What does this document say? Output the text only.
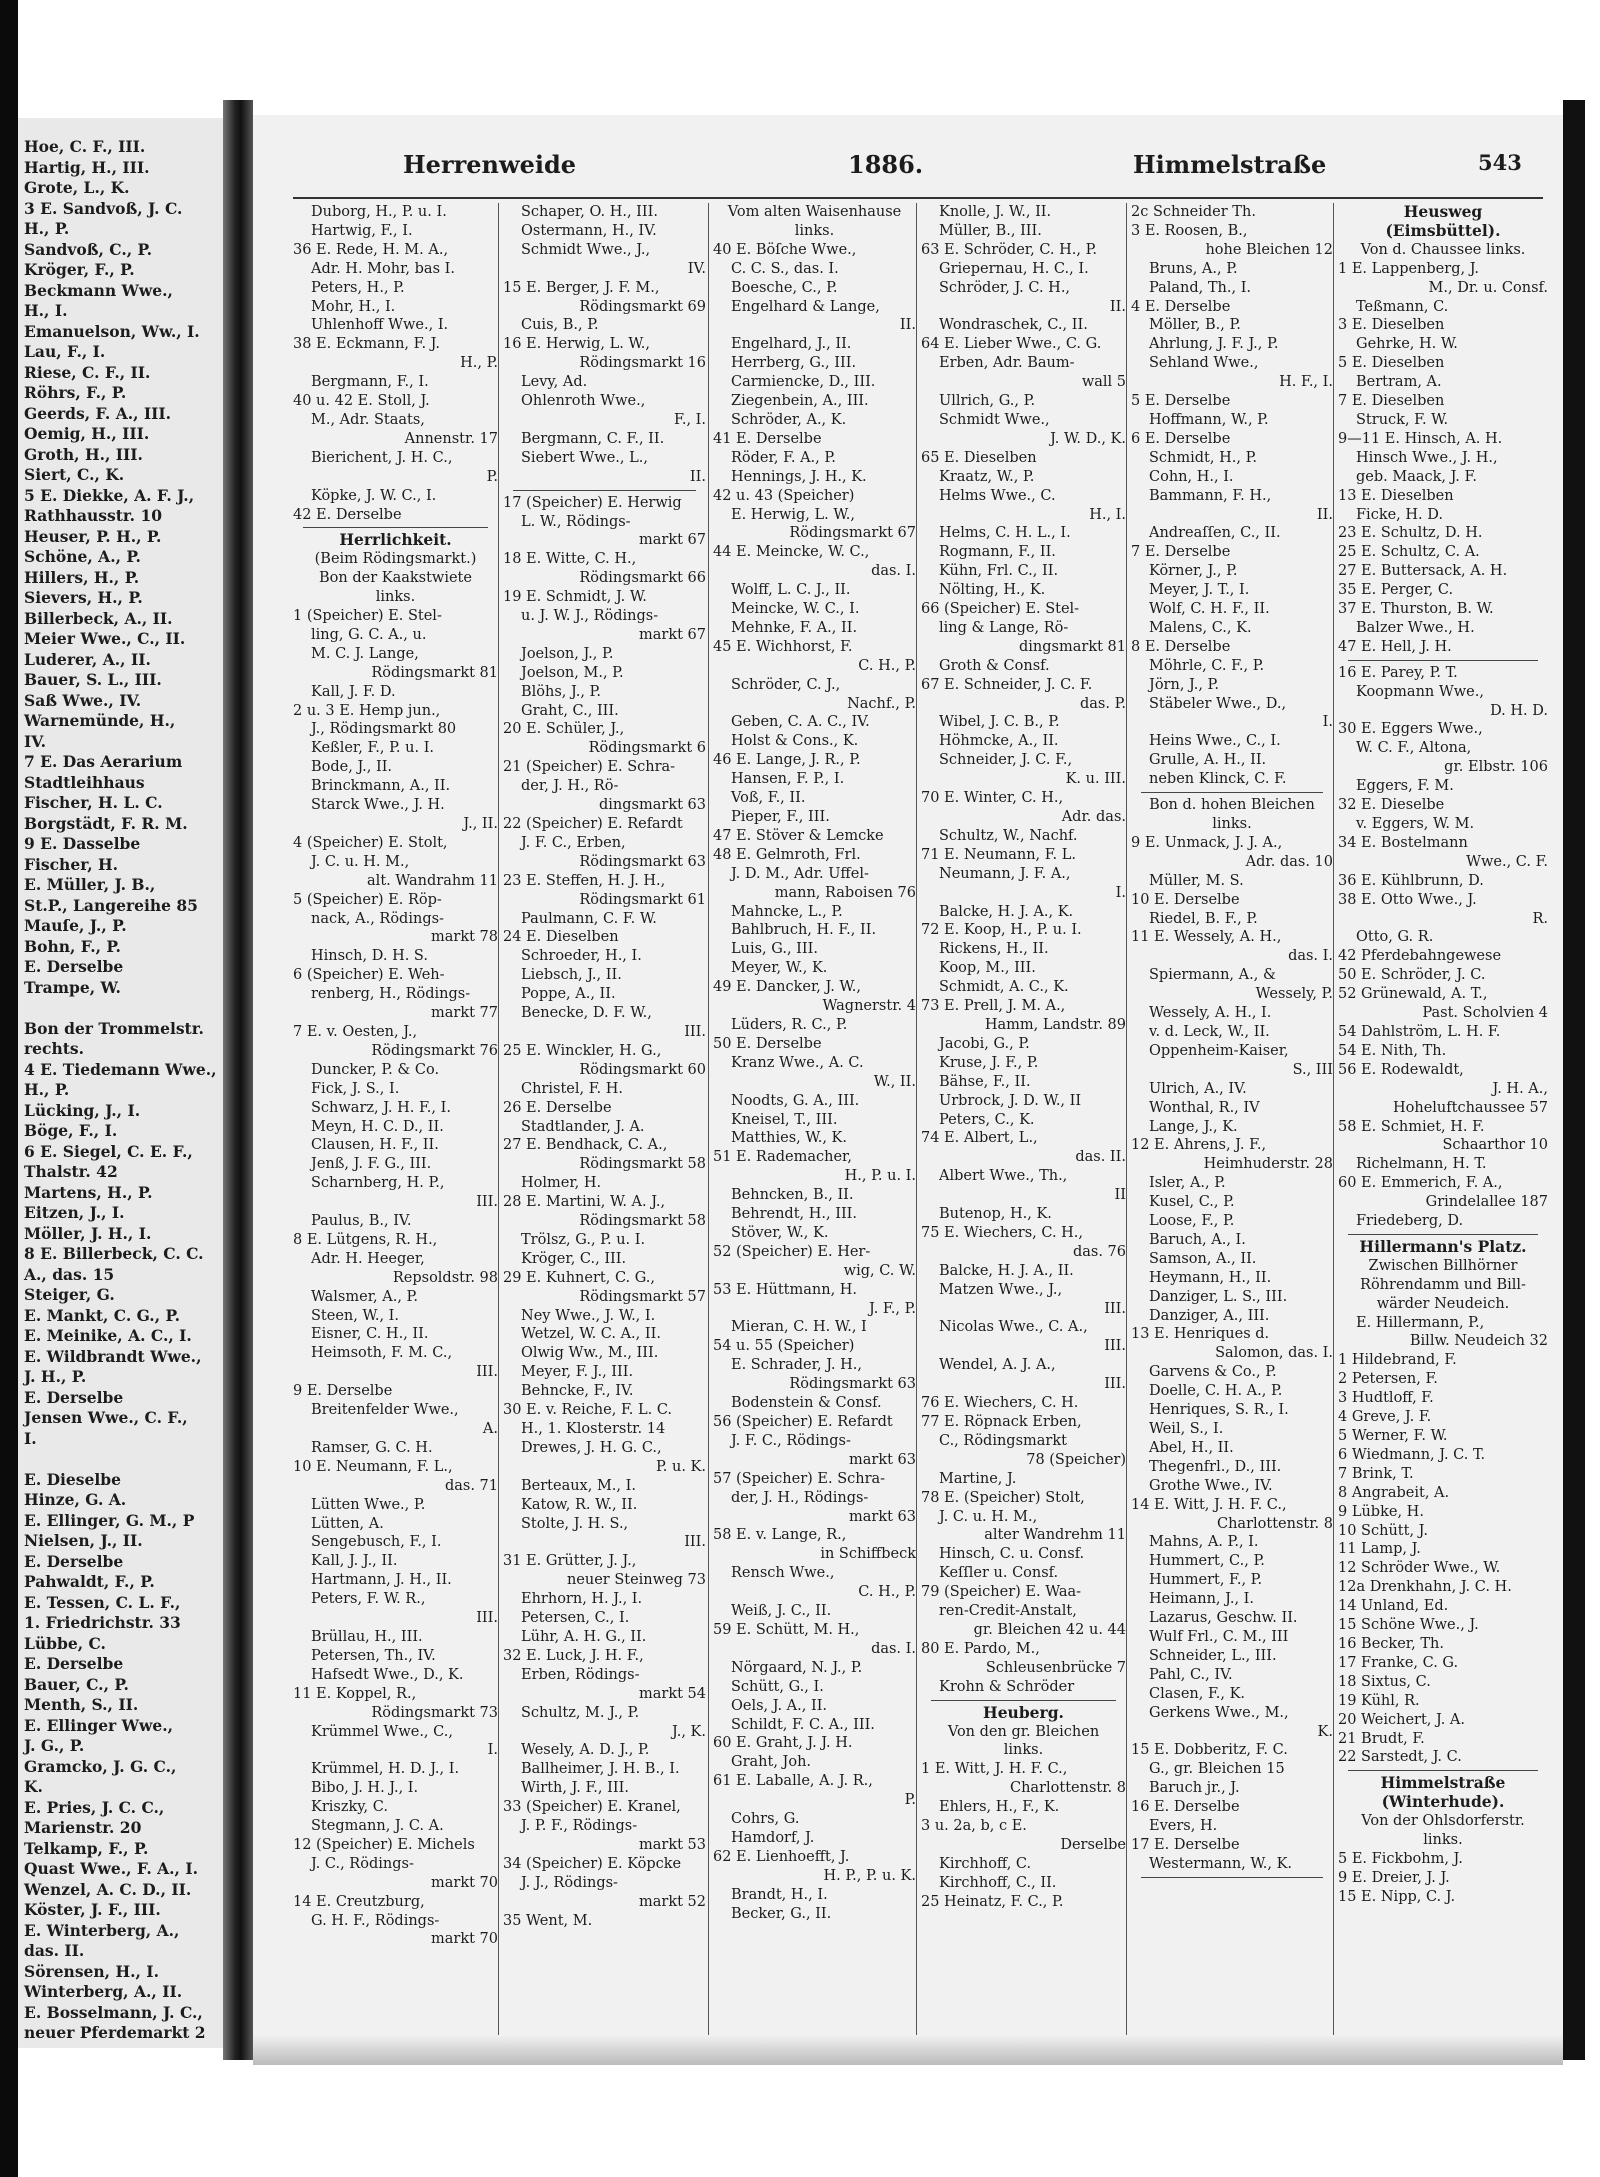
Hoe, C. F., III.
Hartig, H., III.
Grote, L., K.
3 E. Sandvoß, J. C.
H., P.
Sandvoß, C., P.
Kröger, F., P.
Beckmann Wwe.,
H., I.
Emanuelson, Ww., I.
Lau, F., I.
Riese, C. F., II.
Röhrs, F., P.
Geerds, F. A., III.
Oemig, H., III.
Groth, H., III.
Siert, C., K.
5 E. Diekke, A. F. J.,
Rathhausstr. 10
Heuser, P. H., P.
Schöne, A., P.
Hillers, H., P.
Sievers, H., P.
Billerbeck, A., II.
Meier Wwe., C., II.
Luderer, A., II.
Bauer, S. L., III.
Saß Wwe., IV.
Warnemünde, H.,
IV.
7 E. Das Aerarium
Stadtleihhaus
Fischer, H. L. C.
Borgstädt, F. R. M.
9 E. Dasselbe
Fischer, H.
E. Müller, J. B.,
St.P., Langereihe 85
Mauſe, J., P.
Bohn, F., P.
E. Derselbe
Trampe, W.
Bon der Trommelstr.
rechts.
4 E. Tiedemann Wwe.,
H., P.
Lücking, J., I.
Böge, F., I.
6 E. Siegel, C. E. F.,
Thalstr. 42
Martens, H., P.
Eitzen, J., I.
Möller, J. H., I.
8 E. Billerbeck, C. C.
A., das. 15
Steiger, G.
E. Mankt, C. G., P.
E. Meinike, A. C., I.
E. Wildbrandt Wwe.,
J. H., P.
E. Derselbe
Jensen Wwe., C. F.,
I.
E. Dieselbe
Hinze, G. A.
E. Ellinger, G. M., P
Nielsen, J., II.
E. Derselbe
Pahwaldt, F., P.
E. Tessen, C. L. F.,
1. Friedrichstr. 33
Lübbe, C.
E. Derselbe
Bauer, C., P.
Menth, S., II.
E. Ellinger Wwe.,
J. G., P.
Gramcko, J. G. C.,
K.
E. Pries, J. C. C.,
Marienstr. 20
Telkamp, F., P.
Quast Wwe., F. A., I.
Wenzel, A. C. D., II.
Köster, J. F., III.
E. Winterberg, A.,
das. II.
Sörensen, H., I.
Winterberg, A., II.
E. Bosselmann, J. C.,
neuer Pferdemarkt 2
Herrenweide	1886.	Himmelstraße	543
Duborg, H., P. u. I.
Hartwig, F., I.
36 E. Rede, H. M. A.,
Adr. H. Mohr, bas I.
Peters, H., P.
Mohr, H., I.
Uhlenhoff Wwe., I.
38 E. Eckmann, F. J.
H., P.
Bergmann, F., I.
40 u. 42 E. Stoll, J.
M., Adr. Staats,
Annenstr. 17
Bierichent, J. H. C.,
P.
Köpke, J. W. C., I.
42 E. Derselbe
Herrlichkeit.
(Beim Rödingsmarkt.)
Bon der Kaakstwiete
links.
1 (Speicher) E. Stel-
ling, G. C. A., u.
M. C. J. Lange,
Rödingsmarkt 81
Kall, J. F. D.
2 u. 3 E. Hemp jun.,
J., Rödingsmarkt 80
Keßler, F., P. u. I.
Bode, J., II.
Brinckmann, A., II.
Starck Wwe., J. H.
J., II.
4 (Speicher) E. Stolt,
J. C. u. H. M.,
alt. Wandrahm 11
5 (Speicher) E. Röp-
nack, A., Rödings-
markt 78
Hinsch, D. H. S.
6 (Speicher) E. Weh-
renberg, H., Rödings-
markt 77
7 E. v. Oesten, J.,
Rödingsmarkt 76
Duncker, P. & Co.
Fick, J. S., I.
Schwarz, J. H. F., I.
Meyn, H. C. D., II.
Clausen, H. F., II.
Jenß, J. F. G., III.
Scharnberg, H. P.,
III.
Paulus, B., IV.
8 E. Lütgens, R. H.,
Adr. H. Heeger,
Repsoldstr. 98
Walsmer, A., P.
Steen, W., I.
Eisner, C. H., II.
Heimsoth, F. M. C.,
III.
9 E. Derselbe
Breitenfelder Wwe.,
A.
Ramser, G. C. H.
10 E. Neumann, F. L.,
das. 71
Lütten Wwe., P.
Lütten, A.
Sengebusch, F., I.
Kall, J. J., II.
Hartmann, J. H., II.
Peters, F. W. R.,
III.
Brüllau, H., III.
Petersen, Th., IV.
Hafsedt Wwe., D., K.
11 E. Koppel, R.,
Rödingsmarkt 73
Krümmel Wwe., C.,
I.
Krümmel, H. D. J., I.
Bibo, J. H. J., I.
Kriszky, C.
Stegmann, J. C. A.
12 (Speicher) E. Michels
J. C., Rödings-
markt 70
14 E. Creutzburg,
G. H. F., Rödings-
markt 70
Schaper, O. H., III.
Ostermann, H., IV.
Schmidt Wwe., J.,
IV.
15 E. Berger, J. F. M.,
Rödingsmarkt 69
Cuis, B., P.
16 E. Herwig, L. W.,
Rödingsmarkt 16
Levy, Ad.
Ohlenroth Wwe.,
F., I.
Bergmann, C. F., II.
Siebert Wwe., L.,
II.
17 (Speicher) E. Herwig
L. W., Rödings-
markt 67
18 E. Witte, C. H.,
Rödingsmarkt 66
19 E. Schmidt, J. W.
u. J. W. J., Rödings-
markt 67
Joelson, J., P.
Joelson, M., P.
Blöhs, J., P.
Graht, C., III.
20 E. Schüler, J.,
Rödingsmarkt 6
21 (Speicher) E. Schra-
der, J. H., Rö-
dingsmarkt 63
22 (Speicher) E. Refardt
J. F. C., Erben,
Rödingsmarkt 63
23 E. Steffen, H. J. H.,
Rödingsmarkt 61
Paulmann, C. F. W.
24 E. Dieselben
Schroeder, H., I.
Liebsch, J., II.
Poppe, A., II.
Benecke, D. F. W.,
III.
25 E. Winckler, H. G.,
Rödingsmarkt 60
Christel, F. H.
26 E. Derselbe
Stadtlander, J. A.
27 E. Bendhack, C. A.,
Rödingsmarkt 58
Holmer, H.
28 E. Martini, W. A. J.,
Rödingsmarkt 58
Trölsz, G., P. u. I.
Kröger, C., III.
29 E. Kuhnert, C. G.,
Rödingsmarkt 57
Ney Wwe., J. W., I.
Wetzel, W. C. A., II.
Olwig Ww., M., III.
Meyer, F. J., III.
Behncke, F., IV.
30 E. v. Reiche, F. L. C.
H., 1. Klosterstr. 14
Drewes, J. H. G. C.,
P. u. K.
Berteaux, M., I.
Katow, R. W., II.
Stolte, J. H. S.,
III.
31 E. Grütter, J. J.,
neuer Steinweg 73
Ehrhorn, H. J., I.
Petersen, C., I.
Lühr, A. H. G., II.
32 E. Luck, J. H. F.,
Erben, Rödings-
markt 54
Schultz, M. J., P.
J., K.
Wesely, A. D. J., P.
Ballheimer, J. H. B., I.
Wirth, J. F., III.
33 (Speicher) E. Kranel,
J. P. F., Rödings-
markt 53
34 (Speicher) E. Köpcke
J. J., Rödings-
markt 52
35 Went, M.
Vom alten Waisenhause
links.
40 E. Böſche Wwe.,
C. C. S., das. I.
Boesche, C., P.
Engelhard & Lange,
II.
Engelhard, J., II.
Herrberg, G., III.
Carmiencke, D., III.
Ziegenbein, A., III.
Schröder, A., K.
41 E. Derselbe
Röder, F. A., P.
Hennings, J. H., K.
42 u. 43 (Speicher)
E. Herwig, L. W.,
Rödingsmarkt 67
44 E. Meincke, W. C.,
das. I.
Wolff, L. C. J., II.
Meincke, W. C., I.
Mehnke, F. A., II.
45 E. Wichhorst, F.
C. H., P.
Schröder, C. J.,
Nachf., P.
Geben, C. A. C., IV.
Holst & Cons., K.
46 E. Lange, J. R., P.
Hansen, F. P., I.
Voß, F., II.
Pieper, F., III.
47 E. Stöver & Lemcke
48 E. Gelmroth, Frl.
J. D. M., Adr. Uffel-
mann, Raboisen 76
Mahncke, L., P.
Bahlbruch, H. F., II.
Luis, G., III.
Meyer, W., K.
49 E. Dancker, J. W.,
Wagnerstr. 4
Lüders, R. C., P.
50 E. Derselbe
Kranz Wwe., A. C.
W., II.
Noodts, G. A., III.
Kneisel, T., III.
Matthies, W., K.
51 E. Rademacher,
H., P. u. I.
Behncken, B., II.
Behrendt, H., III.
Stöver, W., K.
52 (Speicher) E. Her-
wig, C. W.
53 E. Hüttmann, H.
J. F., P.
Mieran, C. H. W., I
54 u. 55 (Speicher)
E. Schrader, J. H.,
Rödingsmarkt 63
Bodenstein & Consf.
56 (Speicher) E. Refardt
J. F. C., Rödings-
markt 63
57 (Speicher) E. Schra-
der, J. H., Rödings-
markt 63
58 E. v. Lange, R.,
in Schiffbeck
Rensch Wwe.,
C. H., P.
Weiß, J. C., II.
59 E. Schütt, M. H.,
das. I.
Nörgaard, N. J., P.
Schütt, G., I.
Oels, J. A., II.
Schildt, F. C. A., III.
60 E. Graht, J. J. H.
Graht, Joh.
61 E. Laballe, A. J. R.,
P.
Cohrs, G.
Hamdorf, J.
62 E. Lienhoefft, J.
H. P., P. u. K.
Brandt, H., I.
Becker, G., II.
Knolle, J. W., II.
Müller, B., III.
63 E. Schröder, C. H., P.
Griepernau, H. C., I.
Schröder, J. C. H.,
II.
Wondraschek, C., II.
64 E. Lieber Wwe., C. G.
Erben, Adr. Baum-
wall 5
Ullrich, G., P.
Schmidt Wwe.,
J. W. D., K.
65 E. Dieselben
Kraatz, W., P.
Helms Wwe., C.
H., I.
Helms, C. H. L., I.
Rogmann, F., II.
Kühn, Frl. C., II.
Nölting, H., K.
66 (Speicher) E. Stel-
ling & Lange, Rö-
dingsmarkt 81
Groth & Consf.
67 E. Schneider, J. C. F.
das. P.
Wibel, J. C. B., P.
Höhmcke, A., II.
Schneider, J. C. F.,
K. u. III.
70 E. Winter, C. H.,
Adr. das.
Schultz, W., Nachf.
71 E. Neumann, F. L.
Neumann, J. F. A.,
I.
Balcke, H. J. A., K.
72 E. Koop, H., P. u. I.
Rickens, H., II.
Koop, M., III.
Schmidt, A. C., K.
73 E. Prell, J. M. A.,
Hamm, Landstr. 89
Jacobi, G., P.
Kruse, J. F., P.
Bähse, F., II.
Urbrock, J. D. W., II
Peters, C., K.
74 E. Albert, L.,
das. II.
Albert Wwe., Th.,
II
Butenop, H., K.
75 E. Wiechers, C. H.,
das. 76
Balcke, H. J. A., II.
Matzen Wwe., J.,
III.
Nicolas Wwe., C. A.,
III.
Wendel, A. J. A.,
III.
76 E. Wiechers, C. H.
77 E. Röpnack Erben,
C., Rödingsmarkt
78 (Speicher)
Martine, J.
78 E. (Speicher) Stolt,
J. C. u. H. M.,
alter Wandrehm 11
Hinsch, C. u. Consf.
Keſſler u. Consf.
79 (Speicher) E. Waa-
ren-Credit-Anstalt,
gr. Bleichen 42 u. 44
80 E. Pardo, M.,
Schleusenbrücke 7
Krohn & Schröder
Heuberg.
Von den gr. Bleichen
links.
1 E. Witt, J. H. F. C.,
Charlottenstr. 8
Ehlers, H., F., K.
3 u. 2a, b, c E.
Derselbe
Kirchhoff, C.
Kirchhoff, C., II.
25 Heinatz, F. C., P.
2c Schneider Th.
3 E. Roosen, B.,
hohe Bleichen 12
Bruns, A., P.
Paland, Th., I.
4 E. Derselbe
Möller, B., P.
Ahrlung, J. F. J., P.
Sehland Wwe.,
H. F., I.
5 E. Derselbe
Hoffmann, W., P.
6 E. Derselbe
Schmidt, H., P.
Cohn, H., I.
Bammann, F. H.,
II.
Andreaſſen, C., II.
7 E. Derselbe
Körner, J., P.
Meyer, J. T., I.
Wolf, C. H. F., II.
Malens, C., K.
8 E. Derselbe
Möhrle, C. F., P.
Jörn, J., P.
Stäbeler Wwe., D.,
I.
Heins Wwe., C., I.
Grulle, A. H., II.
neben Klinck, C. F.
Bon d. hohen Bleichen
links.
9 E. Unmack, J. J. A.,
Adr. das. 10
Müller, M. S.
10 E. Derselbe
Riedel, B. F., P.
11 E. Wessely, A. H.,
das. I.
Spiermann, A., &
Wessely, P.
Wessely, A. H., I.
v. d. Leck, W., II.
Oppenheim-Kaiser,
S., III
Ulrich, A., IV.
Wonthal, R., IV
Lange, J., K.
12 E. Ahrens, J. F.,
Heimhuderstr. 28
Isler, A., P.
Kusel, C., P.
Loose, F., P.
Baruch, A., I.
Samson, A., II.
Heymann, H., II.
Danziger, L. S., III.
Danziger, A., III.
13 E. Henriques d.
Salomon, das. I.
Garvens & Co., P.
Doelle, C. H. A., P.
Henriques, S. R., I.
Weil, S., I.
Abel, H., II.
Thegenfrl., D., III.
Grothe Wwe., IV.
14 E. Witt, J. H. F. C.,
Charlottenstr. 8
Mahns, A. P., I.
Hummert, C., P.
Hummert, F., P.
Heimann, J., I.
Lazarus, Geschw. II.
Wulf Frl., C. M., III
Schneider, L., III.
Pahl, C., IV.
Clasen, F., K.
Gerkens Wwe., M.,
K.
15 E. Dobberitz, F. C.
G., gr. Bleichen 15
Baruch jr., J.
16 E. Derselbe
Evers, H.
17 E. Derselbe
Westermann, W., K.
Heusweg
(Eimsbüttel).
Von d. Chaussee links.
1 E. Lappenberg, J.
M., Dr. u. Consf.
Teßmann, C.
3 E. Dieselben
Gehrke, H. W.
5 E. Dieselben
Bertram, A.
7 E. Dieselben
Struck, F. W.
9—11 E. Hinsch, A. H.
Hinsch Wwe., J. H.,
geb. Maack, J. F.
13 E. Dieselben
Ficke, H. D.
23 E. Schultz, D. H.
25 E. Schultz, C. A.
27 E. Buttersack, A. H.
35 E. Perger, C.
37 E. Thurston, B. W.
Balzer Wwe., H.
47 E. Hell, J. H.
16 E. Parey, P. T.
Koopmann Wwe.,
D. H. D.
30 E. Eggers Wwe.,
W. C. F., Altona,
gr. Elbstr. 106
Eggers, F. M.
32 E. Dieselbe
v. Eggers, W. M.
34 E. Bostelmann
Wwe., C. F.
36 E. Kühlbrunn, D.
38 E. Otto Wwe., J.
R.
Otto, G. R.
42 Pferdebahngewese
50 E. Schröder, J. C.
52 Grünewald, A. T.,
Past. Scholvien 4
54 Dahlström, L. H. F.
54 E. Nith, Th.
56 E. Rodewaldt,
J. H. A.,
Hoheluftchaussee 57
58 E. Schmiet, H. F.
Schaarthor 10
Richelmann, H. T.
60 E. Emmerich, F. A.,
Grindelallee 187
Friedeberg, D.
Hillermann's Platz.
Zwischen Billhörner
Röhrendamm und Bill-
wärder Neudeich.
E. Hillermann, P.,
Billw. Neudeich 32
1 Hildebrand, F.
2 Petersen, F.
3 Hudtloff, F.
4 Greve, J. F.
5 Werner, F. W.
6 Wiedmann, J. C. T.
7 Brink, T.
8 Angrabeit, A.
9 Lübke, H.
10 Schütt, J.
11 Lamp, J.
12 Schröder Wwe., W.
12a Drenkhahn, J. C. H.
14 Unland, Ed.
15 Schöne Wwe., J.
16 Becker, Th.
17 Franke, C. G.
18 Sixtus, C.
19 Kühl, R.
20 Weichert, J. A.
21 Brudt, F.
22 Sarstedt, J. C.
Himmelstraße
(Winterhude).
Von der Ohlsdorferstr.
links.
5 E. Fickbohm, J.
9 E. Dreier, J. J.
15 E. Nipp, C. J.
